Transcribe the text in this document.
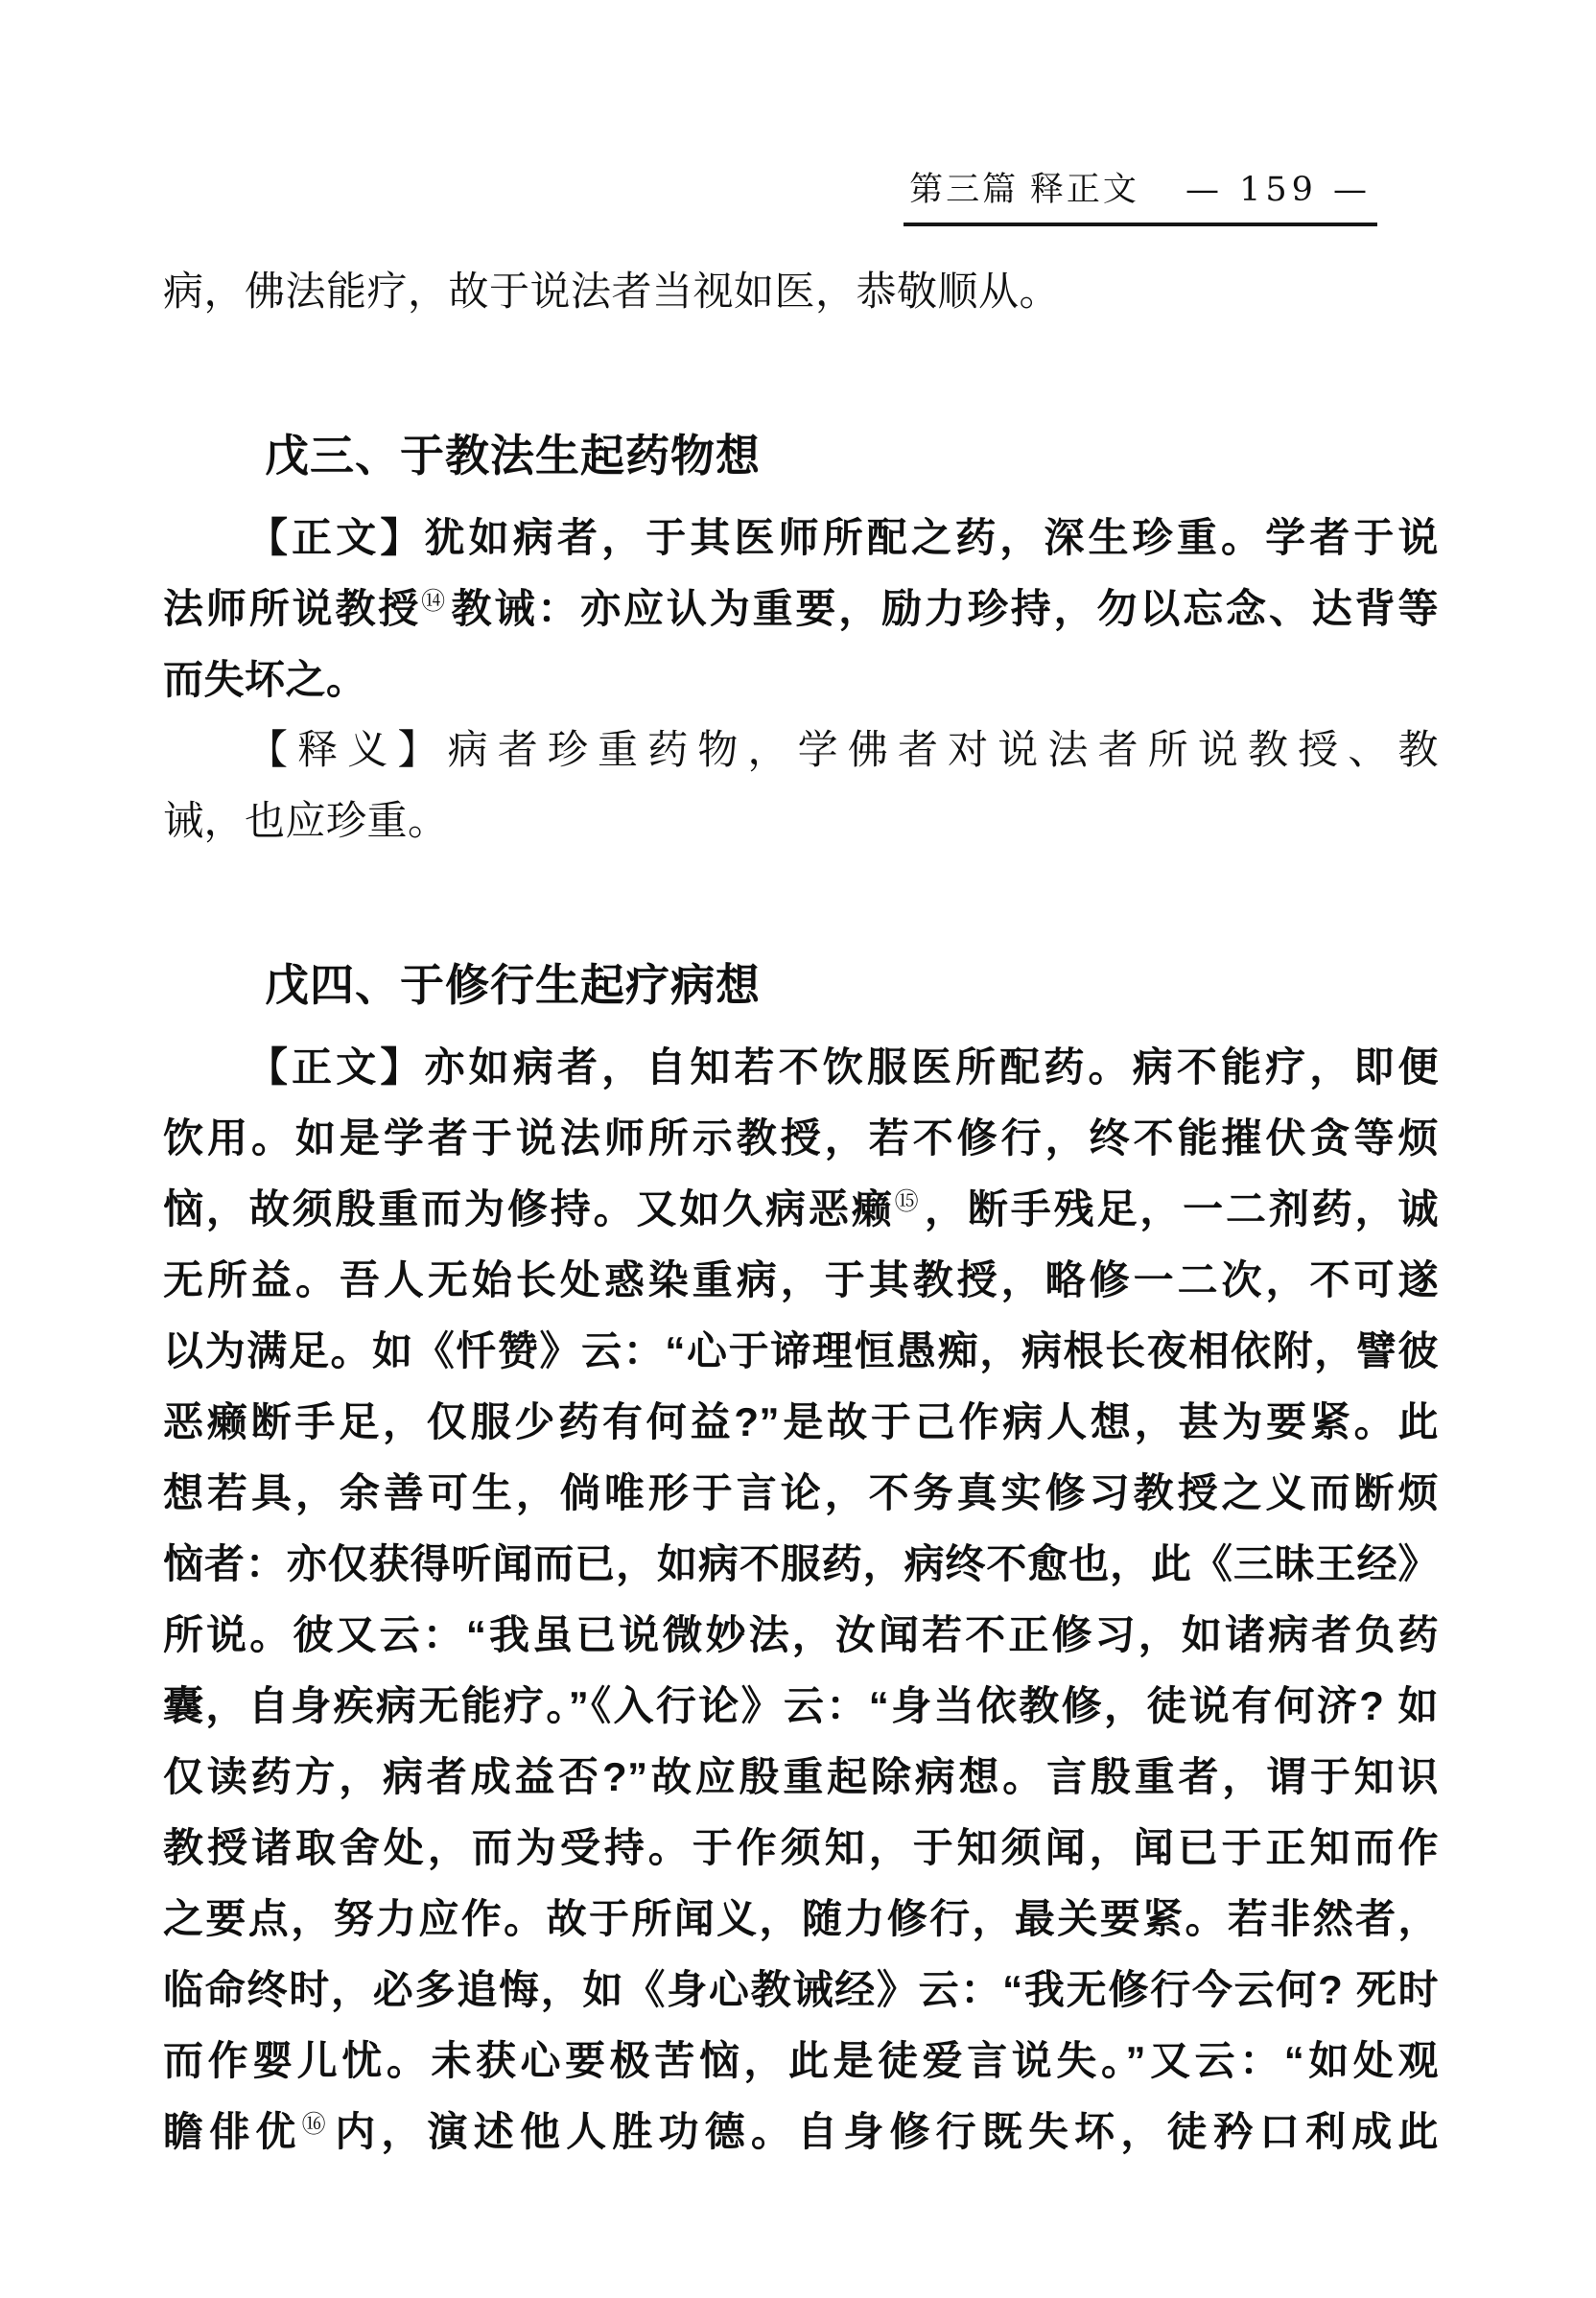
第三篇 释正文 — 159 —

病，佛法能疗，故于说法者当视如医，恭敬顺从。

戊三、于教法生起药物想

【正文】犹如病者，于其医师所配之药，深生珍重。学者于说
法师所说教授⑭教诫：亦应认为重要，励力珍持，勿以忘念、达背等
而失坏之。

【释义】病者珍重药物，学佛者对说法者所说教授、教
诫，也应珍重。

戊四、于修行生起疗病想

【正文】亦如病者，自知若不饮服医所配药。病不能疗，即便
饮用。如是学者于说法师所示教授，若不修行，终不能摧伏贪等烦
恼，故须殷重而为修持。又如久病恶癞⑮，断手残足，一二剂药，诚
无所益。吾人无始长处惑染重病，于其教授，略修一二次，不可遂
以为满足。如《忏赞》云：“心于谛理恒愚痴，病根长夜相依附，譬彼
恶癞断手足，仅服少药有何益?”是故于己作病人想，甚为要紧。此
想若具，余善可生，倘唯形于言论，不务真实修习教授之义而断烦
恼者：亦仅获得听闻而已，如病不服药，病终不愈也，此《三昧王经》
所说。彼又云：“我虽已说微妙法，汝闻若不正修习，如诸病者负药
囊，自身疾病无能疗。”《入行论》云：“身当依教修，徒说有何济? 如
仅读药方，病者成益否?”故应殷重起除病想。言殷重者，谓于知识
教授诸取舍处，而为受持。于作须知，于知须闻，闻已于正知而作
之要点，努力应作。故于所闻义，随力修行，最关要紧。若非然者，
临命终时，必多追悔，如《身心教诫经》云：“我无修行今云何? 死时
而作婴儿忧。未获心要极苦恼，此是徒爱言说失。”又云：“如处观
瞻俳优⑯内，演述他人胜功德。自身修行既失坏，徒矜口利成此
